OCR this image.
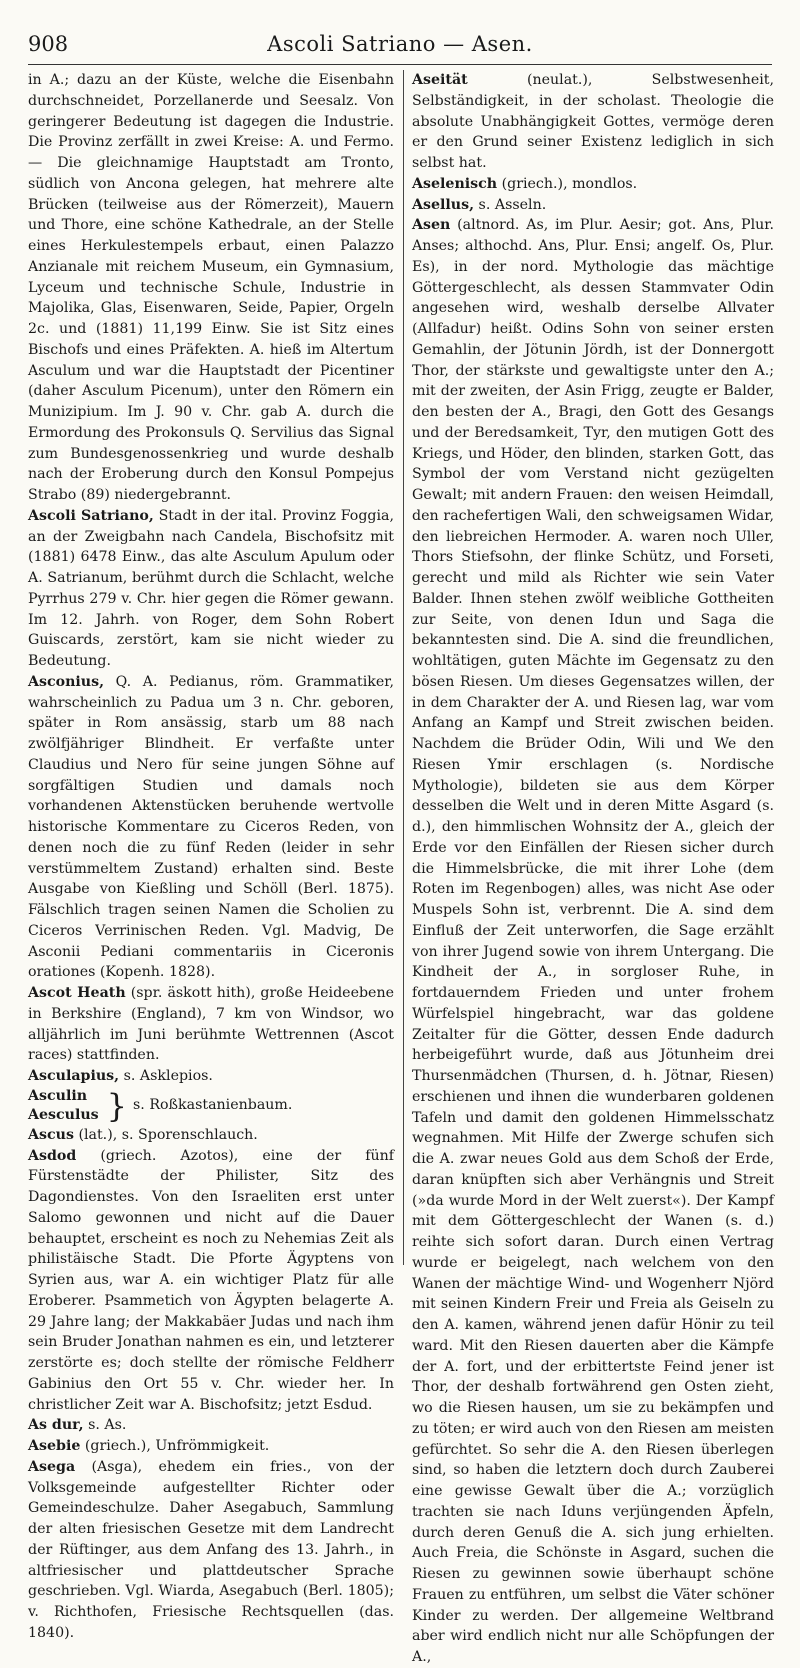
908	Ascoli Satriano — Asen.

in A.; dazu an der Küste, welche die Eisenbahn durchschneidet, Porzellanerde und Seesalz. Von geringerer Bedeutung ist dagegen die Industrie. Die Provinz zerfällt in zwei Kreise: A. und Fermo. — Die gleichnamige Hauptstadt am Tronto, südlich von Ancona gelegen, hat mehrere alte Brücken (teilweise aus der Römerzeit), Mauern und Thore, eine schöne Kathedrale, an der Stelle eines Herkulestempels erbaut, einen Palazzo Anzianale mit reichem Museum, ein Gymnasium, Lyceum und technische Schule, Industrie in Majolika, Glas, Eisenwaren, Seide, Papier, Orgeln 2c. und (1881) 11,199 Einw. Sie ist Sitz eines Bischofs und eines Präfekten. A. hieß im Altertum Asculum und war die Hauptstadt der Picentiner (daher Asculum Picenum), unter den Römern ein Munizipium. Im J. 90 v. Chr. gab A. durch die Ermordung des Prokonsuls Q. Servilius das Signal zum Bundesgenossenkrieg und wurde deshalb nach der Eroberung durch den Konsul Pompejus Strabo (89) niedergebrannt.

Ascoli Satriano, Stadt in der ital. Provinz Foggia, an der Zweigbahn nach Candela, Bischofsitz mit (1881) 6478 Einw., das alte Asculum Apulum oder A. Satrianum, berühmt durch die Schlacht, welche Pyrrhus 279 v. Chr. hier gegen die Römer gewann. Im 12. Jahrh. von Roger, dem Sohn Robert Guiscards, zerstört, kam sie nicht wieder zu Bedeutung.

Asconius, Q. A. Pedianus, röm. Grammatiker, wahrscheinlich zu Padua um 3 n. Chr. geboren, später in Rom ansässig, starb um 88 nach zwölfjähriger Blindheit. Er verfaßte unter Claudius und Nero für seine jungen Söhne auf sorgfältigen Studien und damals noch vorhandenen Aktenstücken beruhende wertvolle historische Kommentare zu Ciceros Reden, von denen noch die zu fünf Reden (leider in sehr verstümmeltem Zustand) erhalten sind. Beste Ausgabe von Kießling und Schöll (Berl. 1875). Fälschlich tragen seinen Namen die Scholien zu Ciceros Verrinischen Reden. Vgl. Madvig, De Asconii Pediani commentariis in Ciceronis orationes (Kopenh. 1828).

Ascot Heath (spr. äskott hith), große Heideebene in Berkshire (England), 7 km von Windsor, wo alljährlich im Juni berühmte Wettrennen (Ascot races) stattfinden.

Asculapius, s. Asklepios.

Asculin
Aesculus } s. Roßkastanienbaum.

Ascus (lat.), s. Sporenschlauch.

Asdod (griech. Azotos), eine der fünf Fürstenstädte der Philister, Sitz des Dagondienstes. Von den Israeliten erst unter Salomo gewonnen und nicht auf die Dauer behauptet, erscheint es noch zu Nehemias Zeit als philistäische Stadt. Die Pforte Ägyptens von Syrien aus, war A. ein wichtiger Platz für alle Eroberer. Psammetich von Ägypten belagerte A. 29 Jahre lang; der Makkabäer Judas und nach ihm sein Bruder Jonathan nahmen es ein, und letzterer zerstörte es; doch stellte der römische Feldherr Gabinius den Ort 55 v. Chr. wieder her. In christlicher Zeit war A. Bischofsitz; jetzt Esdud.

As dur, s. As.

Asebie (griech.), Unfrömmigkeit.

Asega (Asga), ehedem ein fries., von der Volksgemeinde aufgestellter Richter oder Gemeindeschulze. Daher Asegabuch, Sammlung der alten friesischen Gesetze mit dem Landrecht der Rüftinger, aus dem Anfang des 13. Jahrh., in altfriesischer und plattdeutscher Sprache geschrieben. Vgl. Wiarda, Asegabuch (Berl. 1805); v. Richthofen, Friesische Rechtsquellen (das. 1840).

Aseität (neulat.), Selbstwesenheit, Selbständigkeit, in der scholast. Theologie die absolute Unabhängigkeit Gottes, vermöge deren er den Grund seiner Existenz lediglich in sich selbst hat.

Aselenisch (griech.), mondlos.

Asellus, s. Asseln.

Asen (altnord. As, im Plur. Aesir; got. Ans, Plur. Anses; althochd. Ans, Plur. Ensi; angelf. Os, Plur. Es), in der nord. Mythologie das mächtige Göttergeschlecht, als dessen Stammvater Odin angesehen wird, weshalb derselbe Allvater (Allfadur) heißt. Odins Sohn von seiner ersten Gemahlin, der Jötunin Jördh, ist der Donnergott Thor, der stärkste und gewaltigste unter den A.; mit der zweiten, der Asin Frigg, zeugte er Balder, den besten der A., Bragi, den Gott des Gesangs und der Beredsamkeit, Tyr, den mutigen Gott des Kriegs, und Höder, den blinden, starken Gott, das Symbol der vom Verstand nicht gezügelten Gewalt; mit andern Frauen: den weisen Heimdall, den rachefertigen Wali, den schweigsamen Widar, den liebreichen Hermoder. A. waren noch Uller, Thors Stiefsohn, der flinke Schütz, und Forseti, gerecht und mild als Richter wie sein Vater Balder. Ihnen stehen zwölf weibliche Gottheiten zur Seite, von denen Idun und Saga die bekanntesten sind. Die A. sind die freundlichen, wohltätigen, guten Mächte im Gegensatz zu den bösen Riesen. Um dieses Gegensatzes willen, der in dem Charakter der A. und Riesen lag, war vom Anfang an Kampf und Streit zwischen beiden. Nachdem die Brüder Odin, Wili und We den Riesen Ymir erschlagen (s. Nordische Mythologie), bildeten sie aus dem Körper desselben die Welt und in deren Mitte Asgard (s. d.), den himmlischen Wohnsitz der A., gleich der Erde vor den Einfällen der Riesen sicher durch die Himmelsbrücke, die mit ihrer Lohe (dem Roten im Regenbogen) alles, was nicht Ase oder Muspels Sohn ist, verbrennt. Die A. sind dem Einfluß der Zeit unterworfen, die Sage erzählt von ihrer Jugend sowie von ihrem Untergang. Die Kindheit der A., in sorgloser Ruhe, in fortdauerndem Frieden und unter frohem Würfelspiel hingebracht, war das goldene Zeitalter für die Götter, dessen Ende dadurch herbeigeführt wurde, daß aus Jötunheim drei Thursenmädchen (Thursen, d. h. Jötnar, Riesen) erschienen und ihnen die wunderbaren goldenen Tafeln und damit den goldenen Himmelsschatz wegnahmen. Mit Hilfe der Zwerge schufen sich die A. zwar neues Gold aus dem Schoß der Erde, daran knüpften sich aber Verhängnis und Streit (»da wurde Mord in der Welt zuerst«). Der Kampf mit dem Göttergeschlecht der Wanen (s. d.) reihte sich sofort daran. Durch einen Vertrag wurde er beigelegt, nach welchem von den Wanen der mächtige Wind- und Wogenherr Njörd mit seinen Kindern Freir und Freia als Geiseln zu den A. kamen, während jenen dafür Hönir zu teil ward. Mit den Riesen dauerten aber die Kämpfe der A. fort, und der erbittertste Feind jener ist Thor, der deshalb fortwährend gen Osten zieht, wo die Riesen hausen, um sie zu bekämpfen und zu töten; er wird auch von den Riesen am meisten gefürchtet. So sehr die A. den Riesen überlegen sind, so haben die letztern doch durch Zauberei eine gewisse Gewalt über die A.; vorzüglich trachten sie nach Iduns verjüngenden Äpfeln, durch deren Genuß die A. sich jung erhielten. Auch Freia, die Schönste in Asgard, suchen die Riesen zu gewinnen sowie überhaupt schöne Frauen zu entführen, um selbst die Väter schöner Kinder zu werden. Der allgemeine Weltbrand aber wird endlich nicht nur alle Schöpfungen der A.,
